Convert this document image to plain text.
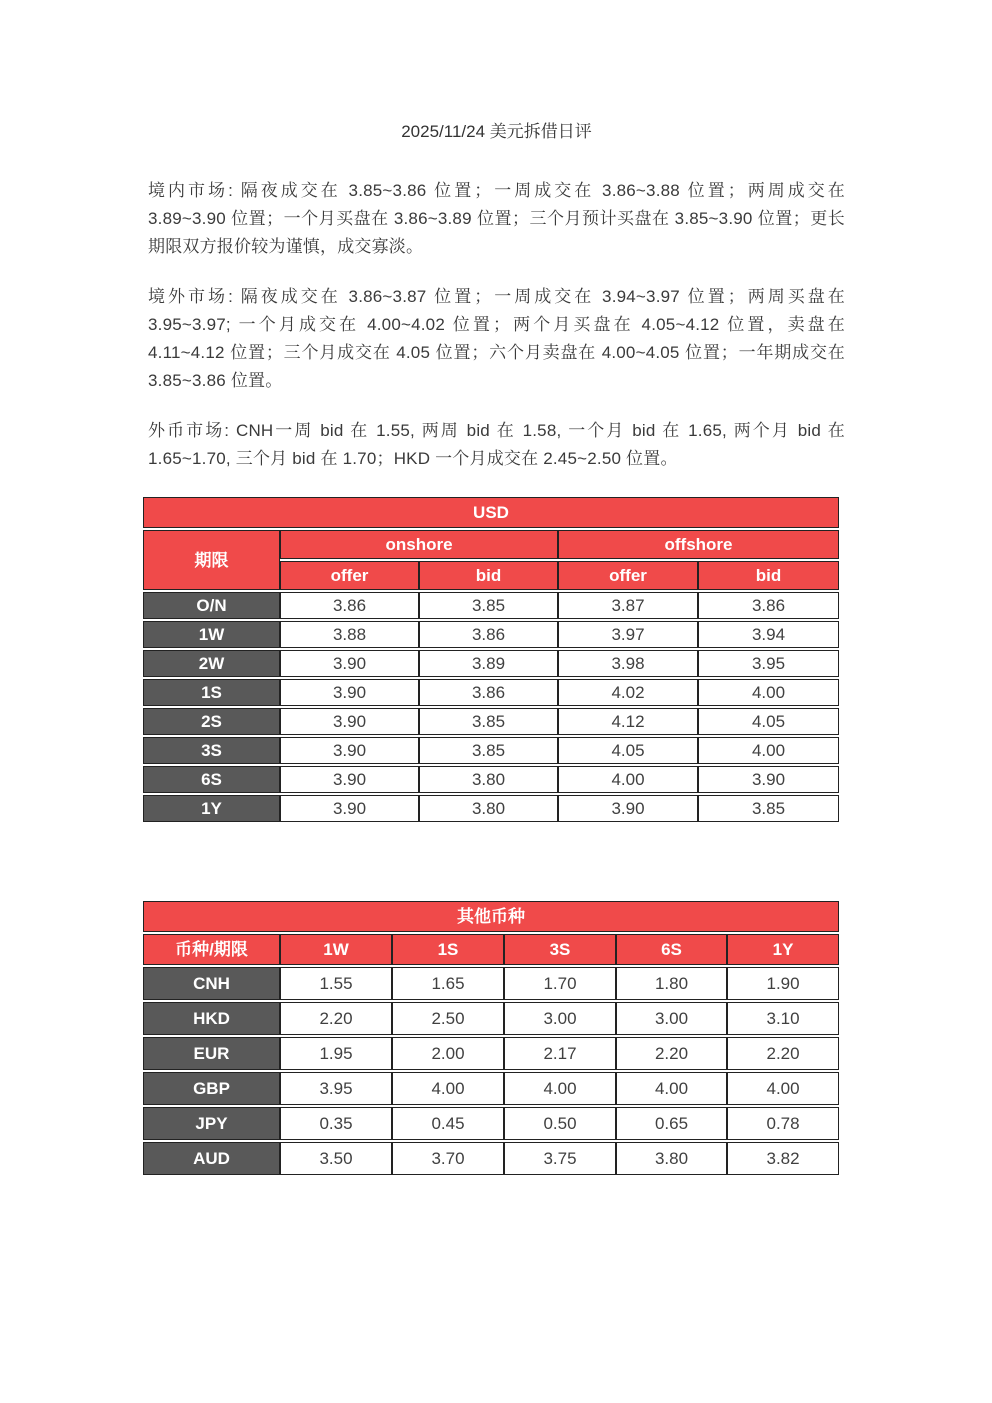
2025/11/24 美元拆借日评

境内市场: 隔夜成交在 3.85~3.86 位置；一周成交在 3.86~3.88 位置；两周成交在 3.89~3.90 位置；一个月买盘在 3.86~3.89 位置；三个月预计买盘在 3.85~3.90 位置；更长期限双方报价较为谨慎，成交寡淡。

境外市场: 隔夜成交在 3.86~3.87 位置；一周成交在 3.94~3.97 位置；两周买盘在 3.95~3.97; 一个月成交在 4.00~4.02 位置；两个月买盘在 4.05~4.12 位置，卖盘在 4.11~4.12 位置；三个月成交在 4.05 位置；六个月卖盘在 4.00~4.05 位置；一年期成交在 3.85~3.86 位置。

外币市场: CNH一周 bid 在 1.55, 两周 bid 在 1.58, 一个月 bid 在 1.65, 两个月 bid 在 1.65~1.70, 三个月 bid 在 1.70；HKD 一个月成交在 2.45~2.50 位置。

USD				
期限	onshore		offshore	
	offer	bid	offer	bid
O/N	3.86	3.85	3.87	3.86
1W	3.88	3.86	3.97	3.94
2W	3.90	3.89	3.98	3.95
1S	3.90	3.86	4.02	4.00
2S	3.90	3.85	4.12	4.05
3S	3.90	3.85	4.05	4.00
6S	3.90	3.80	4.00	3.90
1Y	3.90	3.80	3.90	3.85
其他币种					
币种/期限	1W	1S	3S	6S	1Y
CNH	1.55	1.65	1.70	1.80	1.90
HKD	2.20	2.50	3.00	3.00	3.10
EUR	1.95	2.00	2.17	2.20	2.20
GBP	3.95	4.00	4.00	4.00	4.00
JPY	0.35	0.45	0.50	0.65	0.78
AUD	3.50	3.70	3.75	3.80	3.82
